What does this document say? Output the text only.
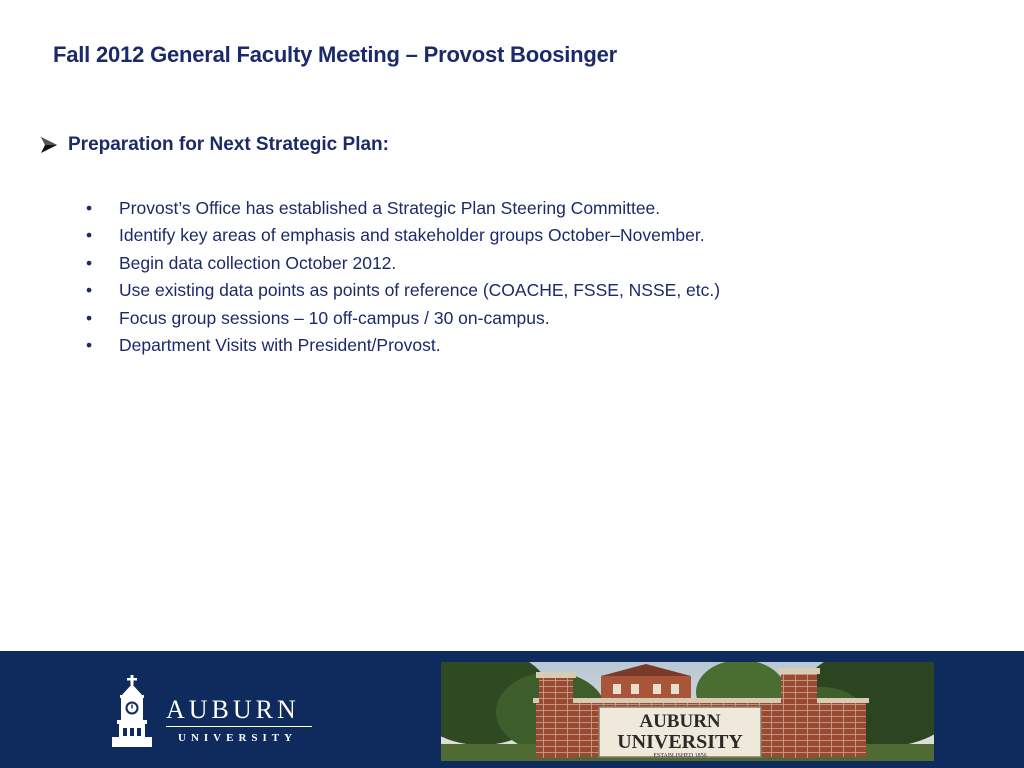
Fall 2012 General Faculty Meeting – Provost Boosinger
Preparation for Next Strategic Plan:
•	Provost’s Office has established a Strategic Plan Steering Committee.
•	Identify key areas of emphasis and stakeholder groups October–November.
•	Begin data collection October 2012.
•	Use existing data points as points of reference (COACHE, FSSE, NSSE, etc.)
•	Focus group sessions – 10 off-campus / 30 on-campus.
•	Department Visits with President/Provost.
AUBURN
UNIVERSITY
AUBURN
UNIVERSITY
ESTABLISHED 1856
